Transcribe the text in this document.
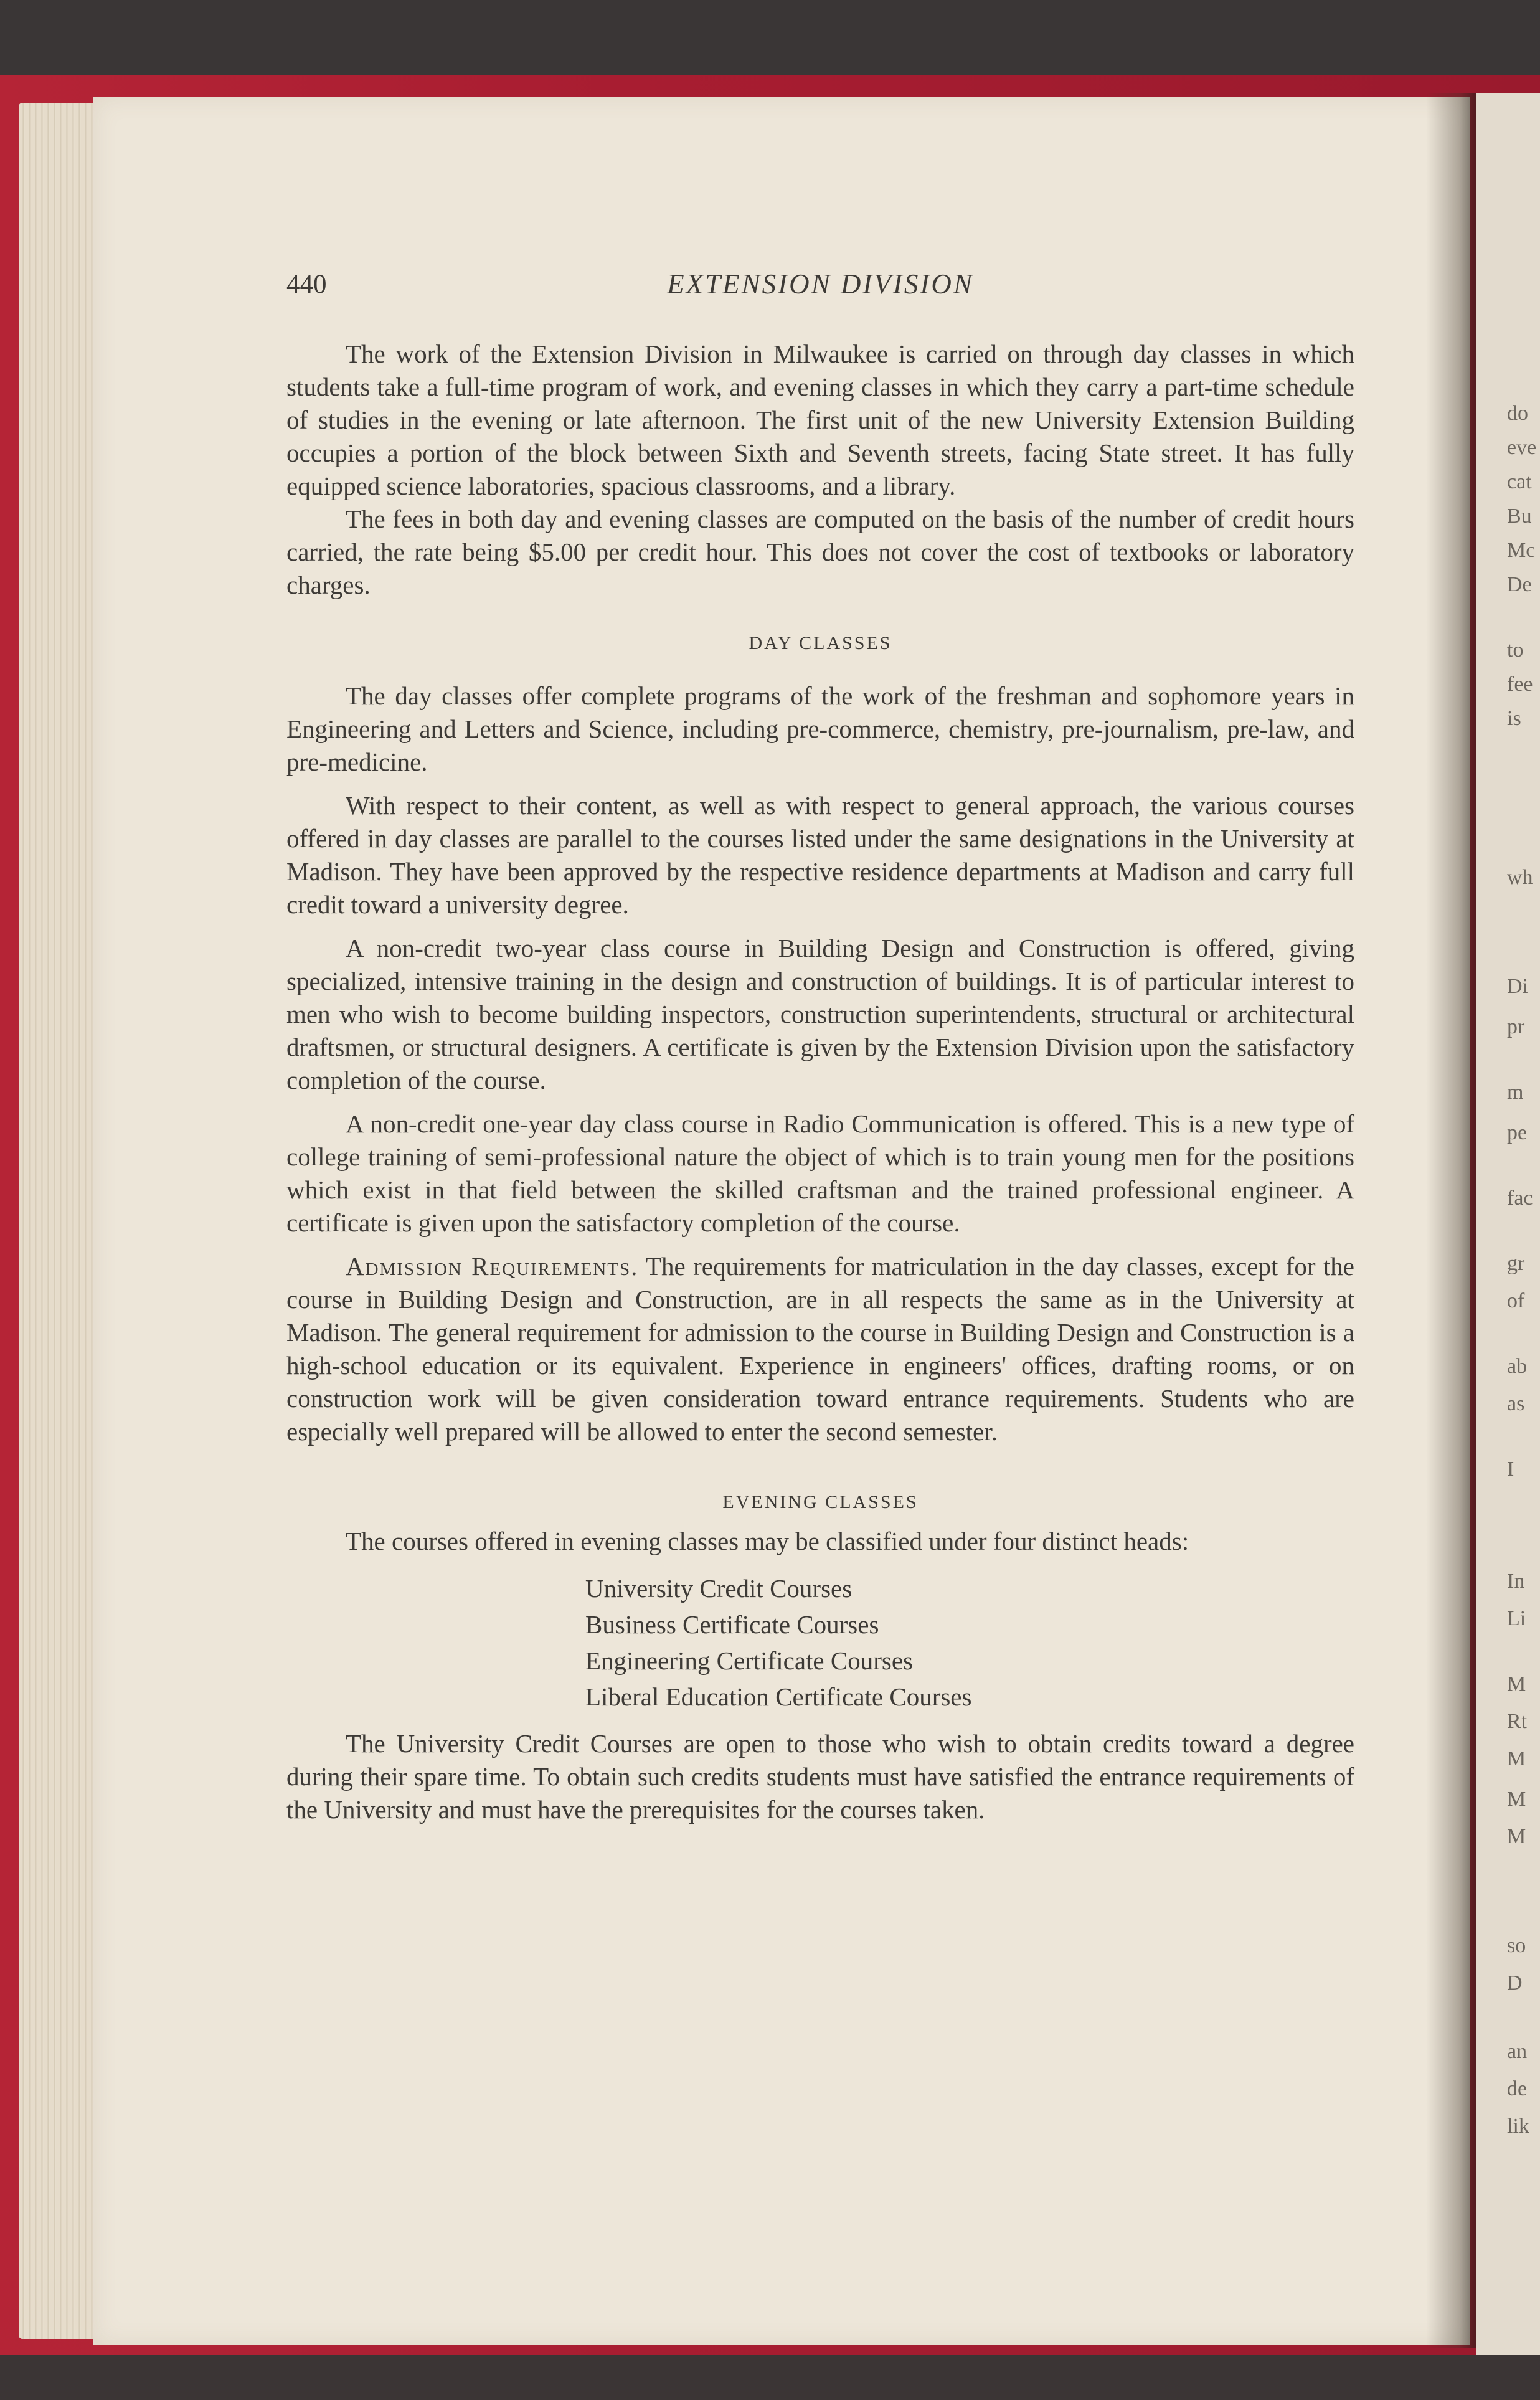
do
eve
cat
Bu
Mc
De
to
fee
is
wh
Di
pr
m
pe
fac
gr
of
ab
as
I
In
Li
M
Rt
M
M
M
so
D
an
de
lik
440	EXTENSION DIVISION

The work of the Extension Division in Milwaukee is carried on through day classes in which students take a full-time program of work, and evening classes in which they carry a part-time schedule of studies in the evening or late afternoon. The first unit of the new University Extension Building occupies a portion of the block between Sixth and Seventh streets, facing State street. It has fully equipped science laboratories, spacious classrooms, and a library.

The fees in both day and evening classes are computed on the basis of the number of credit hours carried, the rate being $5.00 per credit hour. This does not cover the cost of textbooks or laboratory charges.

DAY CLASSES

The day classes offer complete programs of the work of the freshman and sophomore years in Engineering and Letters and Science, including pre-commerce, chemistry, pre-journalism, pre-law, and pre-medicine.

With respect to their content, as well as with respect to general approach, the various courses offered in day classes are parallel to the courses listed under the same designations in the University at Madison. They have been approved by the respective residence departments at Madison and carry full credit toward a university degree.

A non-credit two-year class course in Building Design and Construction is offered, giving specialized, intensive training in the design and construction of buildings. It is of particular interest to men who wish to become building inspectors, construction superintendents, structural or architectural draftsmen, or structural designers. A certificate is given by the Extension Division upon the satisfactory completion of the course.

A non-credit one-year day class course in Radio Communication is offered. This is a new type of college training of semi-professional nature the object of which is to train young men for the positions which exist in that field between the skilled craftsman and the trained professional engineer. A certificate is given upon the satisfactory completion of the course.

Admission Requirements. The requirements for matriculation in the day classes, except for the course in Building Design and Construction, are in all respects the same as in the University at Madison. The general requirement for admission to the course in Building Design and Construction is a high-school education or its equivalent. Experience in engineers' offices, drafting rooms, or on construction work will be given consideration toward entrance requirements. Students who are especially well prepared will be allowed to enter the second semester.

EVENING CLASSES

The courses offered in evening classes may be classified under four distinct heads:

University Credit Courses
Business Certificate Courses
Engineering Certificate Courses
Liberal Education Certificate Courses

The University Credit Courses are open to those who wish to obtain credits toward a degree during their spare time. To obtain such credits students must have satisfied the entrance requirements of the University and must have the prerequisites for the courses taken.
